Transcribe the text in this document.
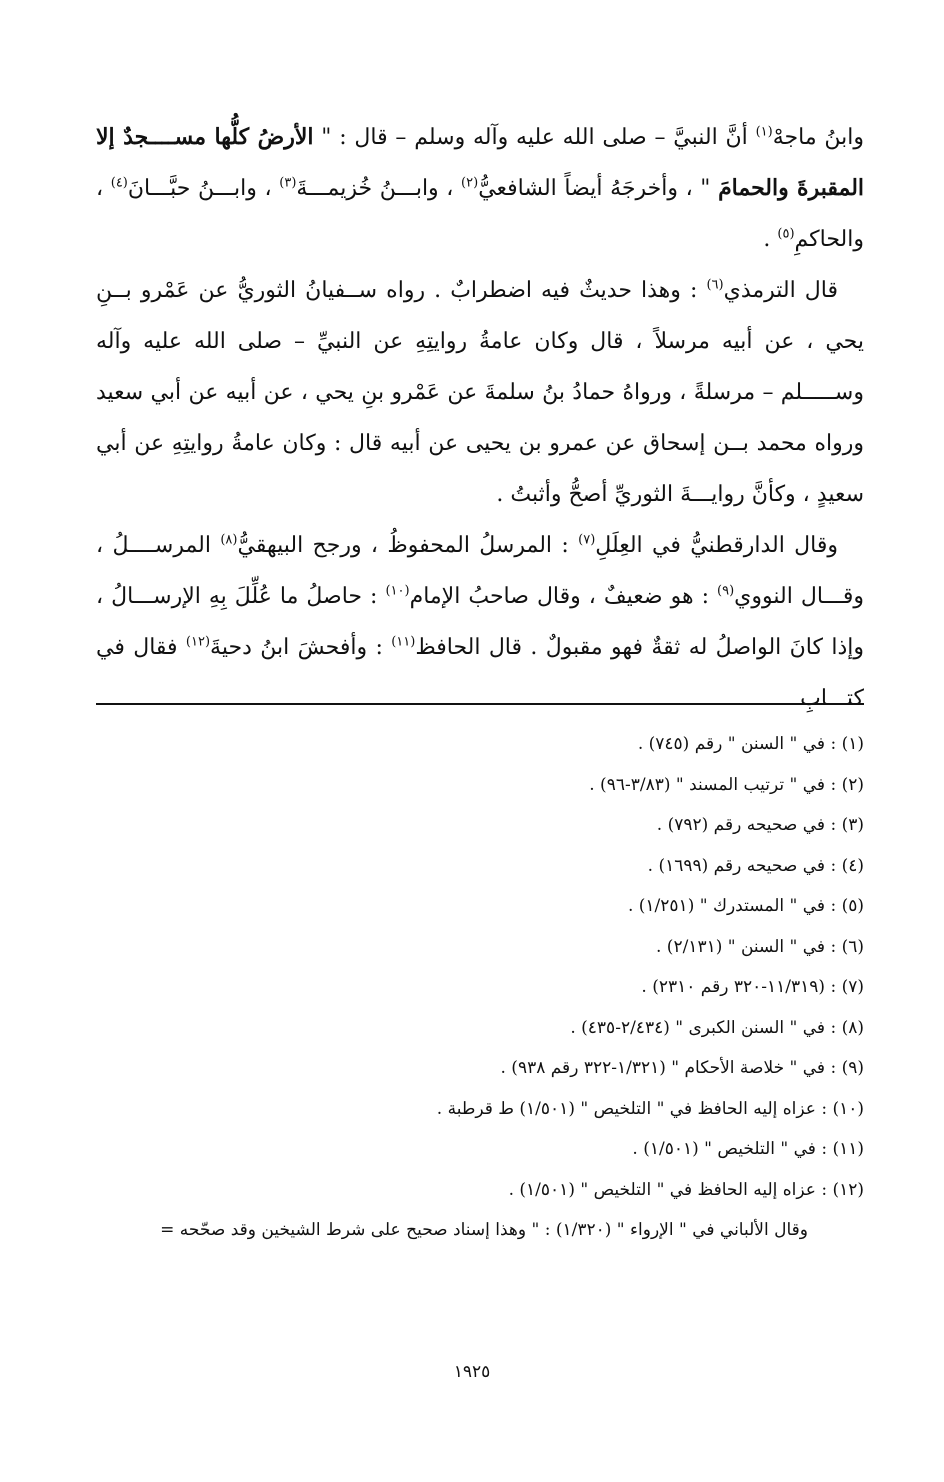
وابنُ ماجهْ$^{(١)}$ أنَّ النبيَّ – صلى الله عليه وآله وسلم – قال : " الأرضُ كلُّها مســــجدٌ إلا المقبرةَ والحمامَ " ، وأخرجَهُ أيضاً الشافعيُّ$^{(٢)}$ ، وابـــنُ خُزيمـــةَ$^{(٣)}$ ، وابـــنُ حبَّـــانَ$^{(٤)}$ ، والحاكمِ$^{(٥)}$ .

قال الترمذي$^{(٦)}$ : وهذا حديثٌ فيه اضطرابٌ . رواه ســفيانُ الثوريُّ عن عَمْرو بــنِ يحي ، عن أبيه مرسلاً ، قال وكان عامةُ روايتِهِ عن النبيِّ – صلى الله عليه وآله وســـــلم – مرسلةً ، ورواهُ حمادُ بنُ سلمةَ عن عَمْرو بنِ يحي ، عن أبيه عن أبي سعيد ورواه محمد بــن إسحاق عن عمرو بن يحيى عن أبيه قال : وكان عامةُ روايتِهِ عن أبي سعيدٍ ، وكأنَّ روايـــةَ الثوريِّ أصحُّ وأثبتُ .

وقال الدارقطنيُّ في العِلَلِ$^{(٧)}$ : المرسلُ المحفوظُ ، ورجح البيهقيُّ$^{(٨)}$ المرســــلُ ، وقـــال النووي$^{(٩)}$ : هو ضعيفٌ ، وقال صاحبُ الإمام$^{(١٠)}$ : حاصلُ ما عُلِّلَ بِهِ الإرســـالُ ، وإذا كانَ الواصلُ له ثقةٌ فهو مقبولٌ . قال الحافظ$^{(١١)}$ : وأفحشَ ابنُ دحيةَ$^{(١٢)}$ فقال في كتـــابِ

(١) : في " السنن " رقم (٧٤٥) .
(٢) : في " ترتيب المسند " (٣/٨٣-٩٦) .
(٣) : في صحيحه رقم (٧٩٢) .
(٤) : في صحيحه رقم (١٦٩٩) .
(٥) : في " المستدرك " (١/٢٥١) .
(٦) : في " السنن " (٢/١٣١) .
(٧) : (١١/٣١٩-٣٢٠ رقم ٢٣١٠) .
(٨) : في " السنن الكبرى " (٢/٤٣٤-٤٣٥) .
(٩) : في " خلاصة الأحكام " (١/٣٢١-٣٢٢ رقم ٩٣٨) .
(١٠) : عزاه إليه الحافظ في " التلخيص " (١/٥٠١) ط قرطبة .
(١١) : في " التلخيص " (١/٥٠١) .
(١٢) : عزاه إليه الحافظ في " التلخيص " (١/٥٠١) .
وقال الألباني في " الإرواء " (١/٣٢٠) : " وهذا إسناد صحيح على شرط الشيخين وقد صحّحه =
١٩٢٥
